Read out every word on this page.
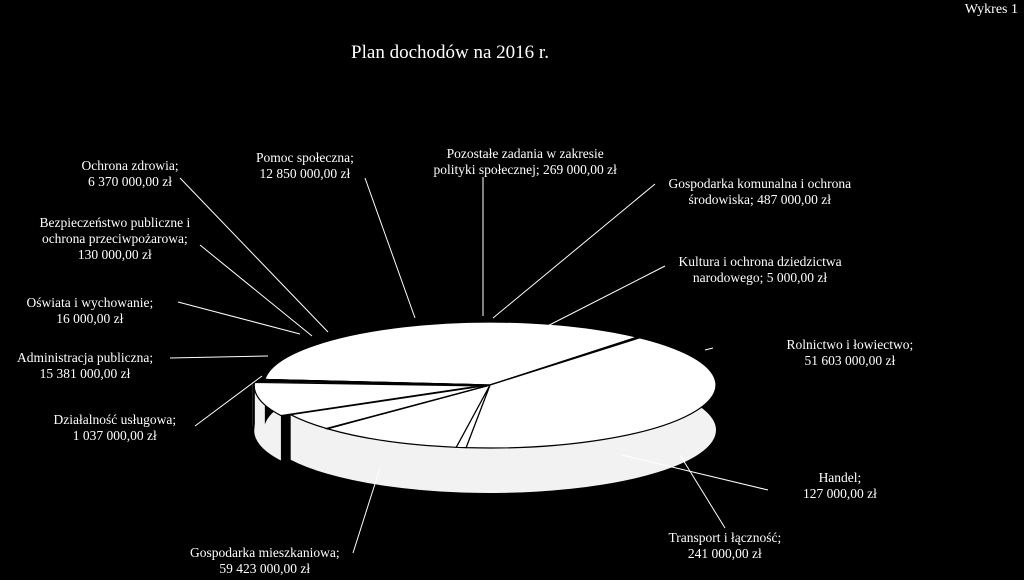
Wykres 1
Plan dochodów na 2016 r.
Rolnictwo i łowiectwo;
51 603 000,00 zł
Handel;
127 000,00 zł
Transport i łączność;
241 000,00 zł
Gospodarka mieszkaniowa;
59 423 000,00 zł
Działalność usługowa;
1 037 000,00 zł
Administracja publiczna;
15 381 000,00 zł
Oświata i wychowanie;
16 000,00 zł
Bezpieczeństwo publiczne i
ochrona przeciwpożarowa;
130 000,00 zł
Ochrona zdrowia;
6 370 000,00 zł
Pomoc społeczna;
12 850 000,00 zł
Pozostałe zadania w zakresie
polityki społecznej; 269 000,00 zł
Gospodarka komunalna i ochrona
środowiska; 487 000,00 zł
Kultura i ochrona dziedzictwa
narodowego; 5 000,00 zł
